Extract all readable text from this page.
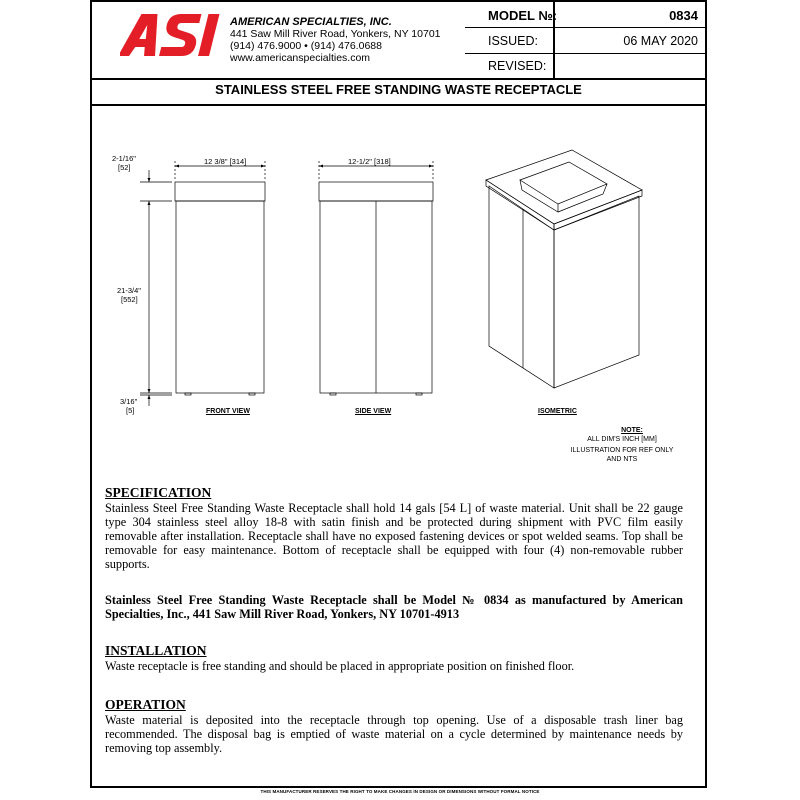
AMERICAN SPECIALTIES, INC.
441 Saw Mill River Road, Yonkers, NY 10701
(914) 476.9000 • (914) 476.0688
www.americanspecialties.com
MODEL №:	0834
ISSUED:	06 MAY 2020
REVISED:
STAINLESS STEEL FREE STANDING WASTE RECEPTACLE
2-1/16"
[52]
12 3/8" [314]	12-1/2" [318]
21-3/4"
[552]
3/16"
[5]	FRONT VIEW	SIDE VIEW	ISOMETRIC
NOTE:
ALL DIM'S INCH [MM]
ILLUSTRATION FOR REF ONLY
AND NTS
SPECIFICATION
Stainless Steel Free Standing Waste Receptacle shall hold 14 gals [54 L] of waste material. Unit shall be 22 gauge type 304 stainless steel alloy 18-8 with satin finish and be protected during shipment with PVC film easily removable after installation. Receptacle shall have no exposed fastening devices or spot welded seams. Top shall be removable for easy maintenance. Bottom of receptacle shall be equipped with four (4) non-removable rubber supports.
Stainless Steel Free Standing Waste Receptacle shall be Model № 0834 as manufactured by American Specialties, Inc., 441 Saw Mill River Road, Yonkers, NY 10701-4913
INSTALLATION
Waste receptacle is free standing and should be placed in appropriate position on finished floor.
OPERATION
Waste material is deposited into the receptacle through top opening. Use of a disposable trash liner bag recommended. The disposal bag is emptied of waste material on a cycle determined by maintenance needs by removing top assembly.
THIS MANUFACTURER RESERVES THE RIGHT TO MAKE CHANGES IN DESIGN OR DIMENSIONS WITHOUT FORMAL NOTICE
